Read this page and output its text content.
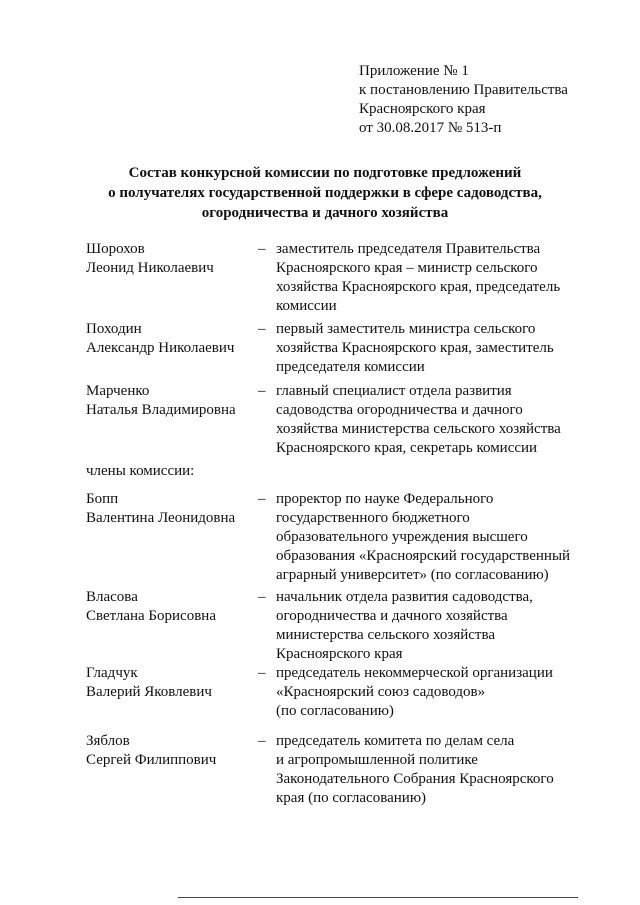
Приложение № 1
к постановлению Правительства
Красноярского края
от 30.08.2017 № 513-п
Состав конкурсной комиссии по подготовке предложений
о получателях государственной поддержки в сфере садоводства,
огородничества и дачного хозяйства
Шорохов
Леонид Николаевич
– заместитель председателя Правительства
Красноярского края – министр сельского
хозяйства Красноярского края, председатель
комиссии
Походин
Александр Николаевич
– первый заместитель министра сельского
хозяйства Красноярского края, заместитель
председателя комиссии
Марченко
Наталья Владимировна
– главный специалист отдела развития
садоводства огородничества и дачного
хозяйства министерства сельского хозяйства
Красноярского края, секретарь комиссии
члены комиссии:
Бопп
Валентина Леонидовна
– проректор по науке Федерального
государственного бюджетного
образовательного учреждения высшего
образования «Красноярский государственный
аграрный университет» (по согласованию)
Власова
Светлана Борисовна
– начальник отдела развития садоводства,
огородничества и дачного хозяйства
министерства сельского хозяйства
Красноярского края
Гладчук
Валерий Яковлевич
– председатель некоммерческой организации
«Красноярский союз садоводов»
(по согласованию)
Зяблов
Сергей Филиппович
– председатель комитета по делам села
и агропромышленной политике
Законодательного Собрания Красноярского
края (по согласованию)
